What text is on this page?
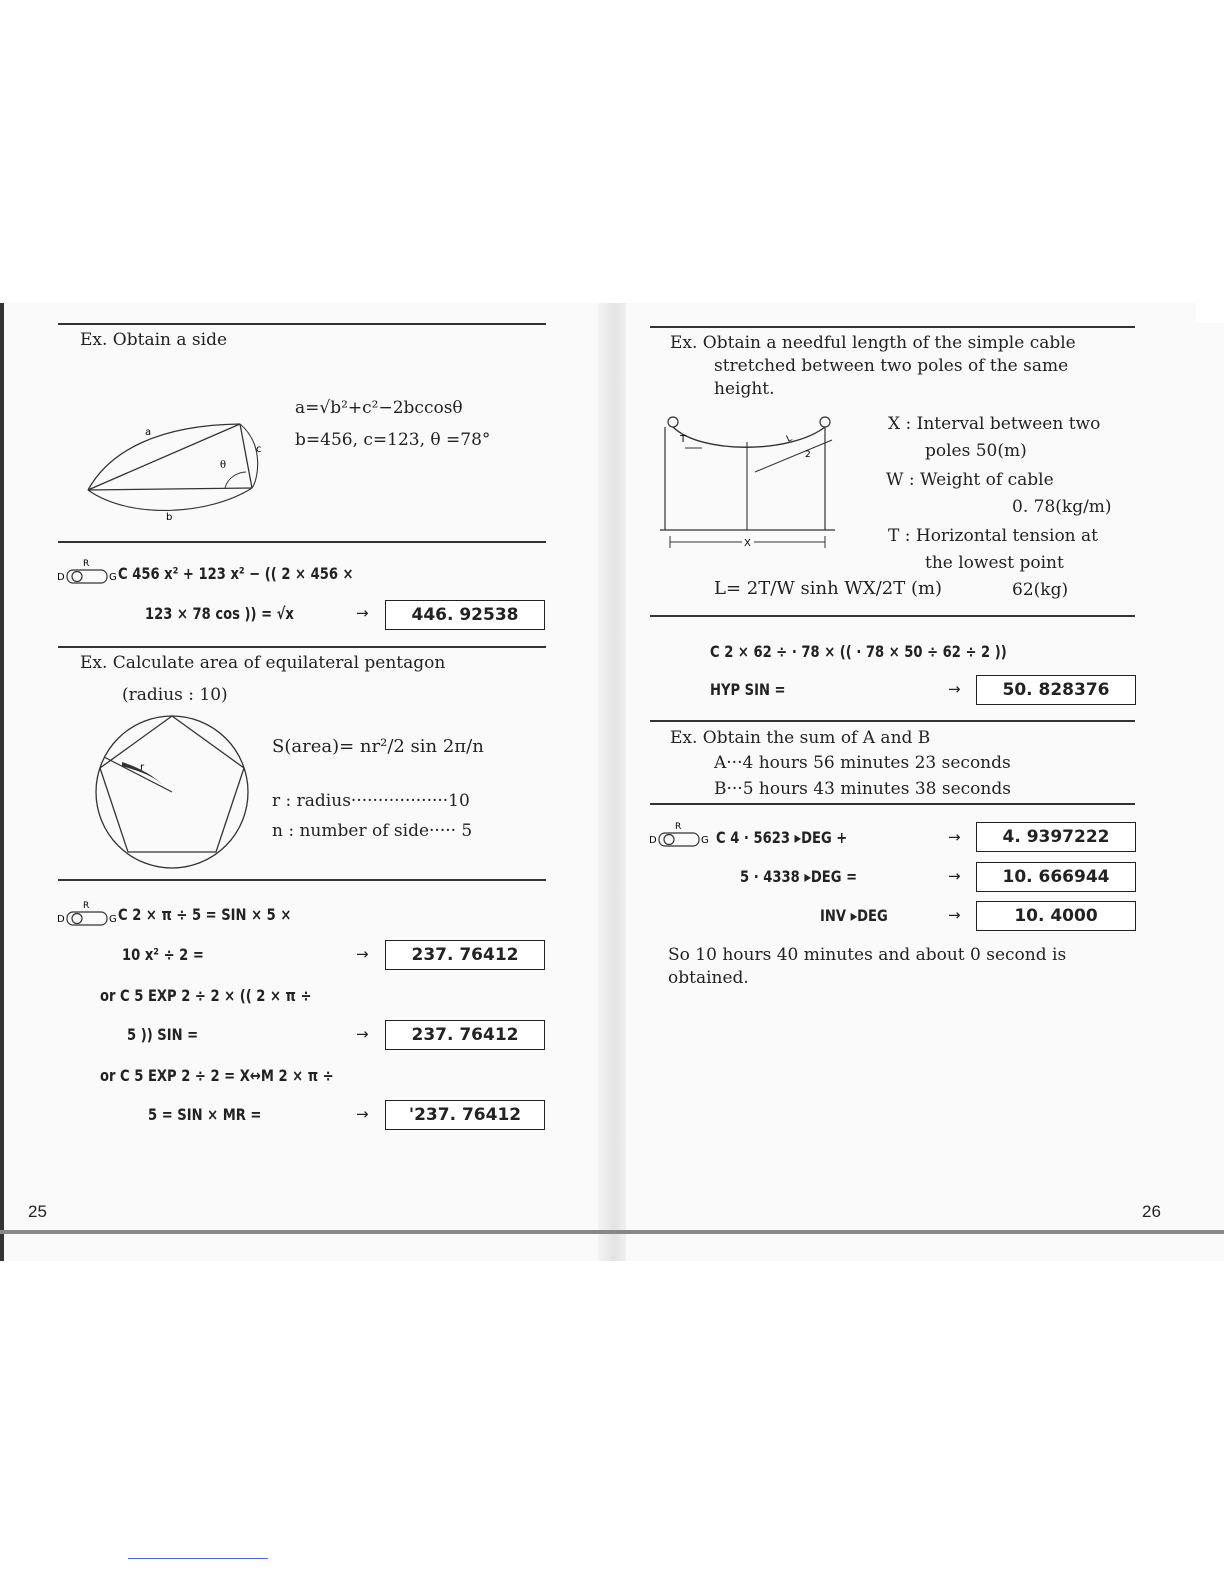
Ex. Obtain a side
a
c
θ
b
a=√b²+c²−2bccosθ
b=456, c=123, θ =78°
D
R
G C 456 x² + 123 x² − (( 2 × 456 ×
123 × 78 cos )) = √x	→	446. 92538
Ex. Calculate area of equilateral pentagon
(radius : 10)
r
S(area)= nr²/2 sin 2π/n
r : radius··················10
n : number of side····· 5
D
R
G C 2 × π ÷ 5 = SIN × 5 ×
10 x² ÷ 2 =	→	237. 76412
or C 5 EXP 2 ÷ 2 × (( 2 × π ÷
5 )) SIN =	→	237. 76412
or C 5 EXP 2 ÷ 2 = X↔M 2 × π ÷
5 = SIN × MR =	→	'237. 76412
25
Ex. Obtain a needful length of the simple cable
stretched between two poles of the same
height.
T	L
2
X
X : Interval between two
poles 50(m)
W : Weight of cable
0. 78(kg/m)
T : Horizontal tension at
the lowest point
62(kg)
L= 2T/W sinh WX/2T (m)
C 2 × 62 ÷ · 78 × (( · 78 × 50 ÷ 62 ÷ 2 ))
HYP SIN =	→	50. 828376
Ex. Obtain the sum of A and B
A···4 hours 56 minutes 23 seconds
B···5 hours 43 minutes 38 seconds
D
R
G C 4 · 5623 ▸DEG +	→	4. 9397222
5 · 4338 ▸DEG =	→	10. 666944
INV ▸DEG	→	10. 4000
So 10 hours 40 minutes and about 0 second is
obtained.
26
